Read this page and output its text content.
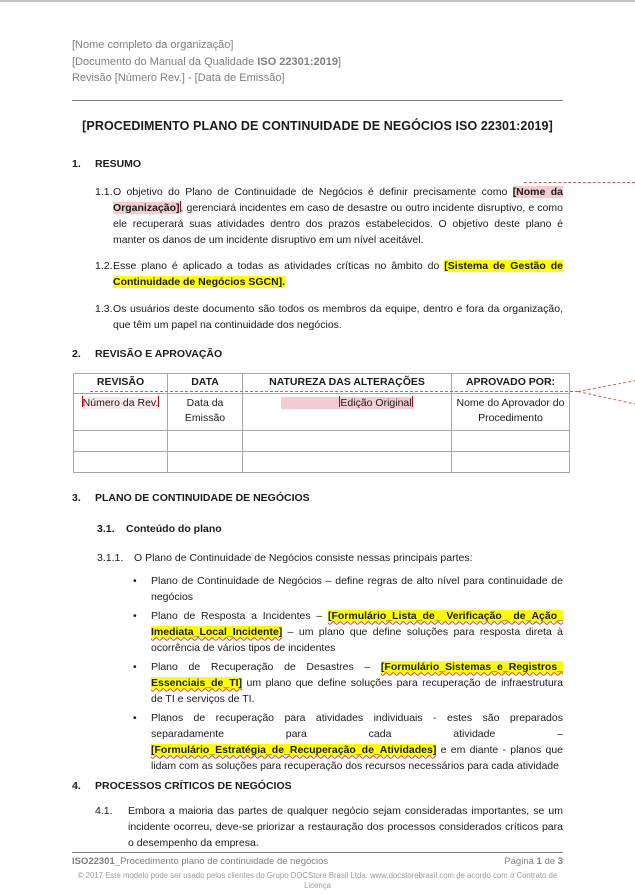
[Nome completo da organização]
[Documento do Manual da Qualidade ISO 22301:2019]
Revisão [Número Rev.] - [Data de Emissão]
[PROCEDIMENTO PLANO DE CONTINUIDADE DE NEGÓCIOS ISO 22301:2019]
1. RESUMO
1.1. O objetivo do Plano de Continuidade de Negócios é definir precisamente como [Nome da Organização], gerenciará incidentes em caso de desastre ou outro incidente disruptivo, e como ele recuperará suas atividades dentro dos prazos estabelecidos. O objetivo deste plano é manter os danos de um incidente disruptivo em um nível aceitável.
1.2. Esse plano é aplicado a todas as atividades críticas no âmbito do [Sistema de Gestão de Continuidade de Negócios SGCN].
1.3. Os usuários deste documento são todos os membros da equipe, dentro e fora da organização, que têm um papel na continuidade dos negócios.
2. REVISÃO E APROVAÇÃO
REVISÃO	DATA	NATUREZA DAS ALTERAÇÕES	APROVADO POR:
Número da Rev.	Data da Emissão	Edição Original	Nome do Aprovador do Procedimento

3. PLANO DE CONTINUIDADE DE NEGÓCIOS
3.1. Conteúdo do plano
3.1.1. O Plano de Continuidade de Negócios consiste nessas principais partes:
• Plano de Continuidade de Negócios – define regras de alto nível para continuidade de negócios
• Plano de Resposta a Incidentes – [Formulário_Lista_de_ Verificação_ de_Ação_ Imediata_Local_Incidente] – um plano que define soluções para resposta direta à ocorrência de vários tipos de incidentes
• Plano de Recuperação de Desastres – [Formulário_Sistemas_e_Registros_ Essenciais_de_TI] um plano que define soluções para recuperação de infraestrutura de TI e serviços de TI.
• Planos de recuperação para atividades individuais - estes são preparados separadamente para cada atividade – [Formulário_Estratégia_de_Recuperação_de_Atividades] e em diante - planos que lidam com as soluções para recuperação dos recursos necessários para cada atividade
4. PROCESSOS CRÍTICOS DE NEGÓCIOS
4.1. Embora a maioria das partes de qualquer negócio sejam consideradas importantes, se um incidente ocorreu, deve-se priorizar a restauração dos processos considerados críticos para o desempenho da empresa.
ISO22301_Procedimento plano de continuidade de negócios	Página 1 de 3
© 2017 Este modelo pode ser usado pelos clientes do Grupo DOCStore Brasil Ltda. www.docstorebrasil.com de acordo com o Contrato de Licença
